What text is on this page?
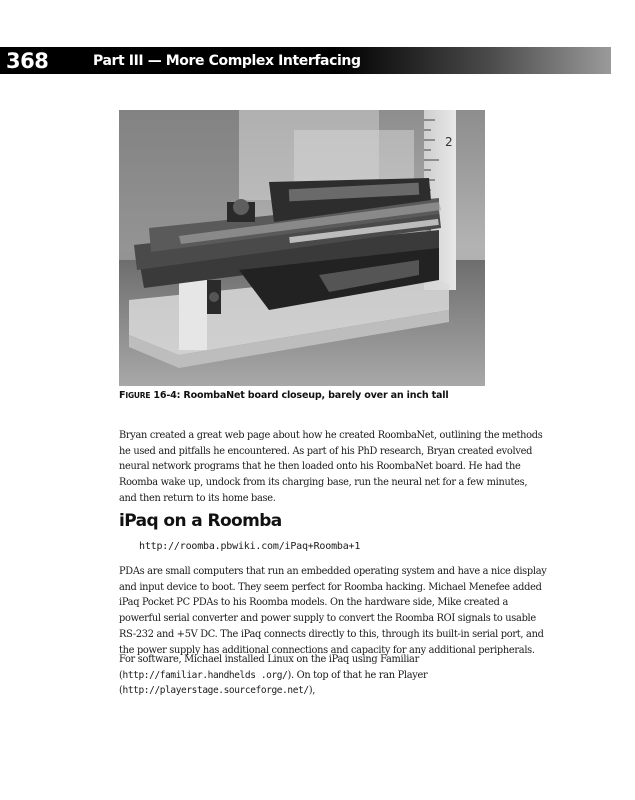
368	Part III — More Complex Interfacing
2
FIGURE 16-4: RoombaNet board closeup, barely over an inch tall

Bryan created a great web page about how he created RoombaNet, outlining the methods he used and pitfalls he encountered. As part of his PhD research, Bryan created evolved neural network programs that he then loaded onto his RoombaNet board. He had the Roomba wake up, undock from its charging base, run the neural net for a few minutes, and then return to its home base.

iPaq on a Roomba
http://roomba.pbwiki.com/iPaq+Roomba+1

PDAs are small computers that run an embedded operating system and have a nice display and input device to boot. They seem perfect for Roomba hacking. Michael Menefee added iPaq Pocket PC PDAs to his Roomba models. On the hardware side, Mike created a powerful serial converter and power supply to convert the Roomba ROI signals to usable RS-232 and +5V DC. The iPaq connects directly to this, through its built-in serial port, and the power supply has additional connections and capacity for any additional peripherals.

For software, Michael installed Linux on the iPaq using Familiar (http://familiar.handhelds .org/). On top of that he ran Player (http://playerstage.sourceforge.net/),
